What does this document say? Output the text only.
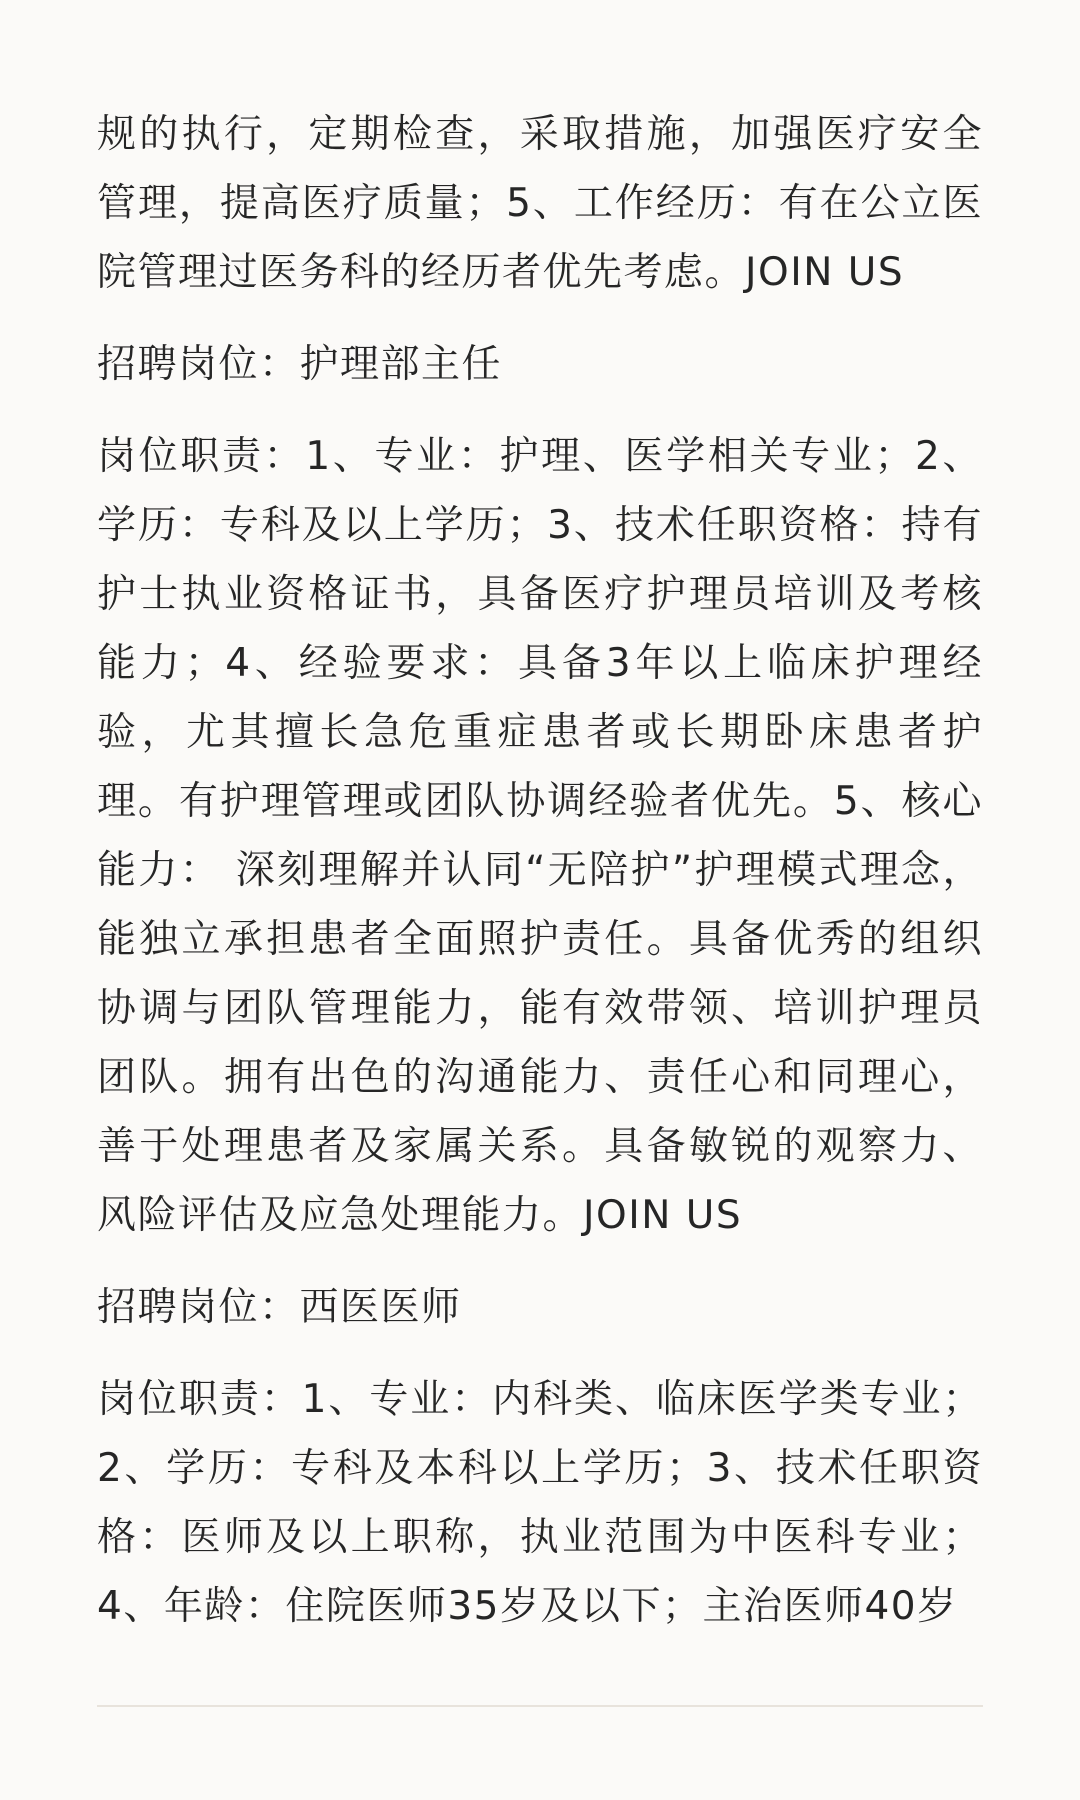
规的执行，定期检查，采取措施，加强医疗安全管理，提高医疗质量；5、工作经历：有在公立医院管理过医务科的经历者优先考虑。JOIN US

招聘岗位：护理部主任

岗位职责：1、专业：护理、医学相关专业；2、学历：专科及以上学历；3、技术任职资格：持有护士执业资格证书，具备医疗护理员培训及考核能力；4、经验要求：具备3年以上临床护理经验，尤其擅长急危重症患者或长期卧床患者护理。有护理管理或团队协调经验者优先。5、核心能力： 深刻理解并认同“无陪护”护理模式理念，能独立承担患者全面照护责任。具备优秀的组织协调与团队管理能力，能有效带领、培训护理员团队。拥有出色的沟通能力、责任心和同理心，善于处理患者及家属关系。具备敏锐的观察力、风险评估及应急处理能力。JOIN US

招聘岗位：西医医师

岗位职责：1、专业：内科类、临床医学类专业；2、学历：专科及本科以上学历；3、技术任职资格：医师及以上职称，执业范围为中医科专业；4、年龄：住院医师35岁及以下；主治医师40岁
